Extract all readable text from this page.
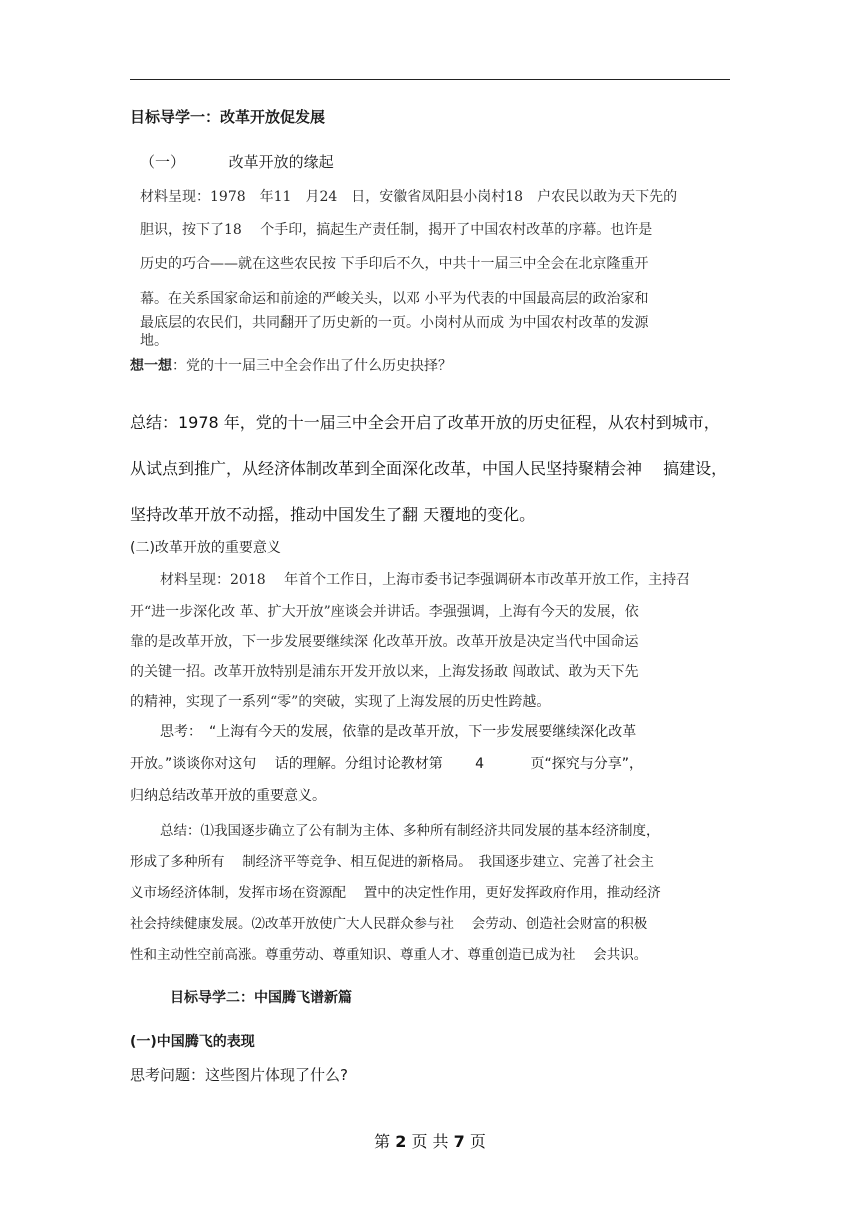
目标导学一：改革开放促发展
（一）	改革开放的缘起
材料呈现：1978　年11　月24　日，安徽省凤阳县小岗村18　户农民以敢为天下先的
胆识，按下了18　 个手印，搞起生产责任制，揭开了中国农村改革的序幕。也许是
历史的巧合——就在这些农民按 下手印后不久，中共十一届三中全会在北京隆重开
幕。在关系国家命运和前途的严峻关头，以邓 小平为代表的中国最高层的政治家和
最底层的农民们，共同翻开了历史新的一页。小岗村从而成 为中国农村改革的发源
地。
想一想：党的十一届三中全会作出了什么历史抉择？
总结：1978 年，党的十一届三中全会开启了改革开放的历史征程，从农村到城市，
从试点到推广，从经济体制改革到全面深化改革，中国人民坚持聚精会神　 搞建设，
坚持改革开放不动摇，推动中国发生了翻 天覆地的变化。
(二)改革开放的重要意义
材料呈现：2018　 年首个工作日，上海市委书记李强调研本市改革开放工作，主持召
开“进一步深化改 革、扩大开放”座谈会并讲话。李强强调，上海有今天的发展，依
靠的是改革开放，下一步发展要继续深 化改革开放。改革开放是决定当代中国命运
的关键一招。改革开放特别是浦东开发开放以来，上海发扬敢 闯敢试、敢为天下先
的精神，实现了一系列“零”的突破，实现了上海发展的历史性跨越。
思考：　“上海有今天的发展，依靠的是改革开放，下一步发展要继续深化改革
开放。”谈谈你对这句　 话的理解。分组讨论教材第　　 4　　　 页“探究与分享”，
归纳总结改革开放的重要意义。
总结：⑴我国逐步确立了公有制为主体、多种所有制经济共同发展的基本经济制度，
形成了多种所有　 制经济平等竞争、相互促进的新格局。　我国逐步建立、完善了社会主
义市场经济体制，发挥市场在资源配　 置中的决定性作用，更好发挥政府作用，推动经济
社会持续健康发展。⑵改革开放使广大人民群众参与社　 会劳动、创造社会财富的积极
性和主动性空前高涨。尊重劳动、尊重知识、尊重人才、尊重创造已成为社　 会共识。
目标导学二：中国腾飞谱新篇
(一)中国腾飞的表现
思考问题：这些图片体现了什么?
第 2 页 共 7 页
